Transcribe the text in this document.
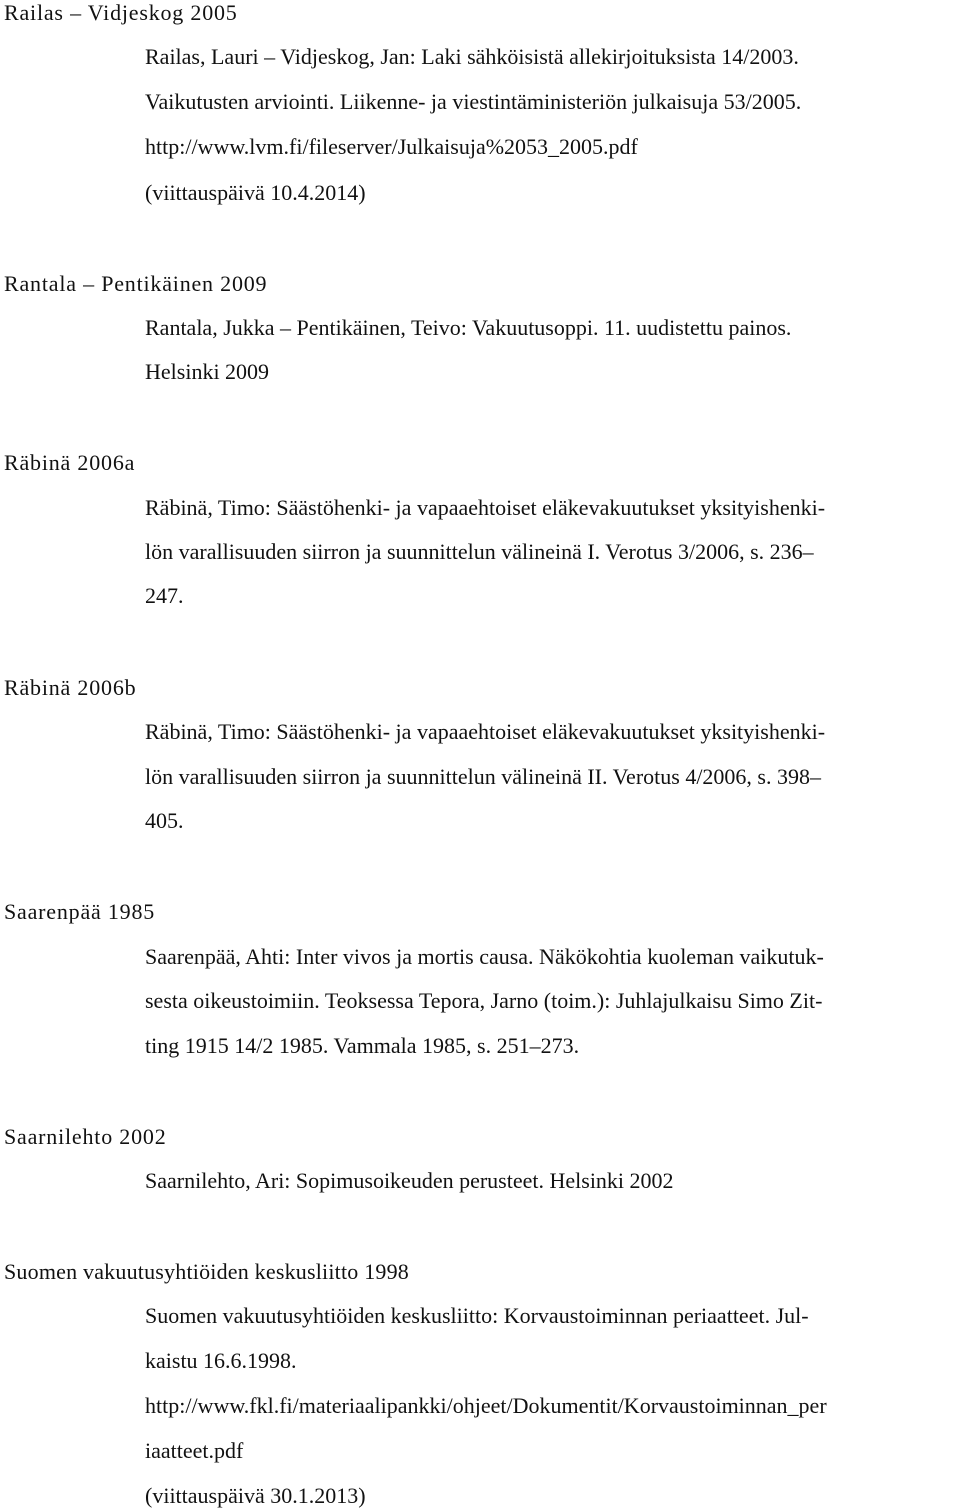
Railas – Vidjeskog 2005
Railas, Lauri – Vidjeskog, Jan: Laki sähköisistä allekirjoituksista 14/2003.
Vaikutusten arviointi. Liikenne- ja viestintäministeriön julkaisuja 53/2005.
http://www.lvm.fi/fileserver/Julkaisuja%2053_2005.pdf
(viittauspäivä 10.4.2014)
Rantala – Pentikäinen 2009
Rantala, Jukka – Pentikäinen, Teivo: Vakuutusoppi. 11. uudistettu painos.
Helsinki 2009
Räbinä 2006a
Räbinä, Timo: Säästöhenki- ja vapaaehtoiset eläkevakuutukset yksityishenki-
lön varallisuuden siirron ja suunnittelun välineinä I. Verotus 3/2006, s. 236–
247.
Räbinä 2006b
Räbinä, Timo: Säästöhenki- ja vapaaehtoiset eläkevakuutukset yksityishenki-
lön varallisuuden siirron ja suunnittelun välineinä II. Verotus 4/2006, s. 398–
405.
Saarenpää 1985
Saarenpää, Ahti: Inter vivos ja mortis causa. Näkökohtia kuoleman vaikutuk-
sesta oikeustoimiin. Teoksessa Tepora, Jarno (toim.): Juhlajulkaisu Simo Zit-
ting 1915 14/2 1985. Vammala 1985, s. 251–273.
Saarnilehto 2002
Saarnilehto, Ari: Sopimusoikeuden perusteet. Helsinki 2002
Suomen vakuutusyhtiöiden keskusliitto 1998
Suomen vakuutusyhtiöiden keskusliitto: Korvaustoiminnan periaatteet. Jul-
kaistu 16.6.1998.
http://www.fkl.fi/materiaalipankki/ohjeet/Dokumentit/Korvaustoiminnan_per
iaatteet.pdf
(viittauspäivä 30.1.2013)
